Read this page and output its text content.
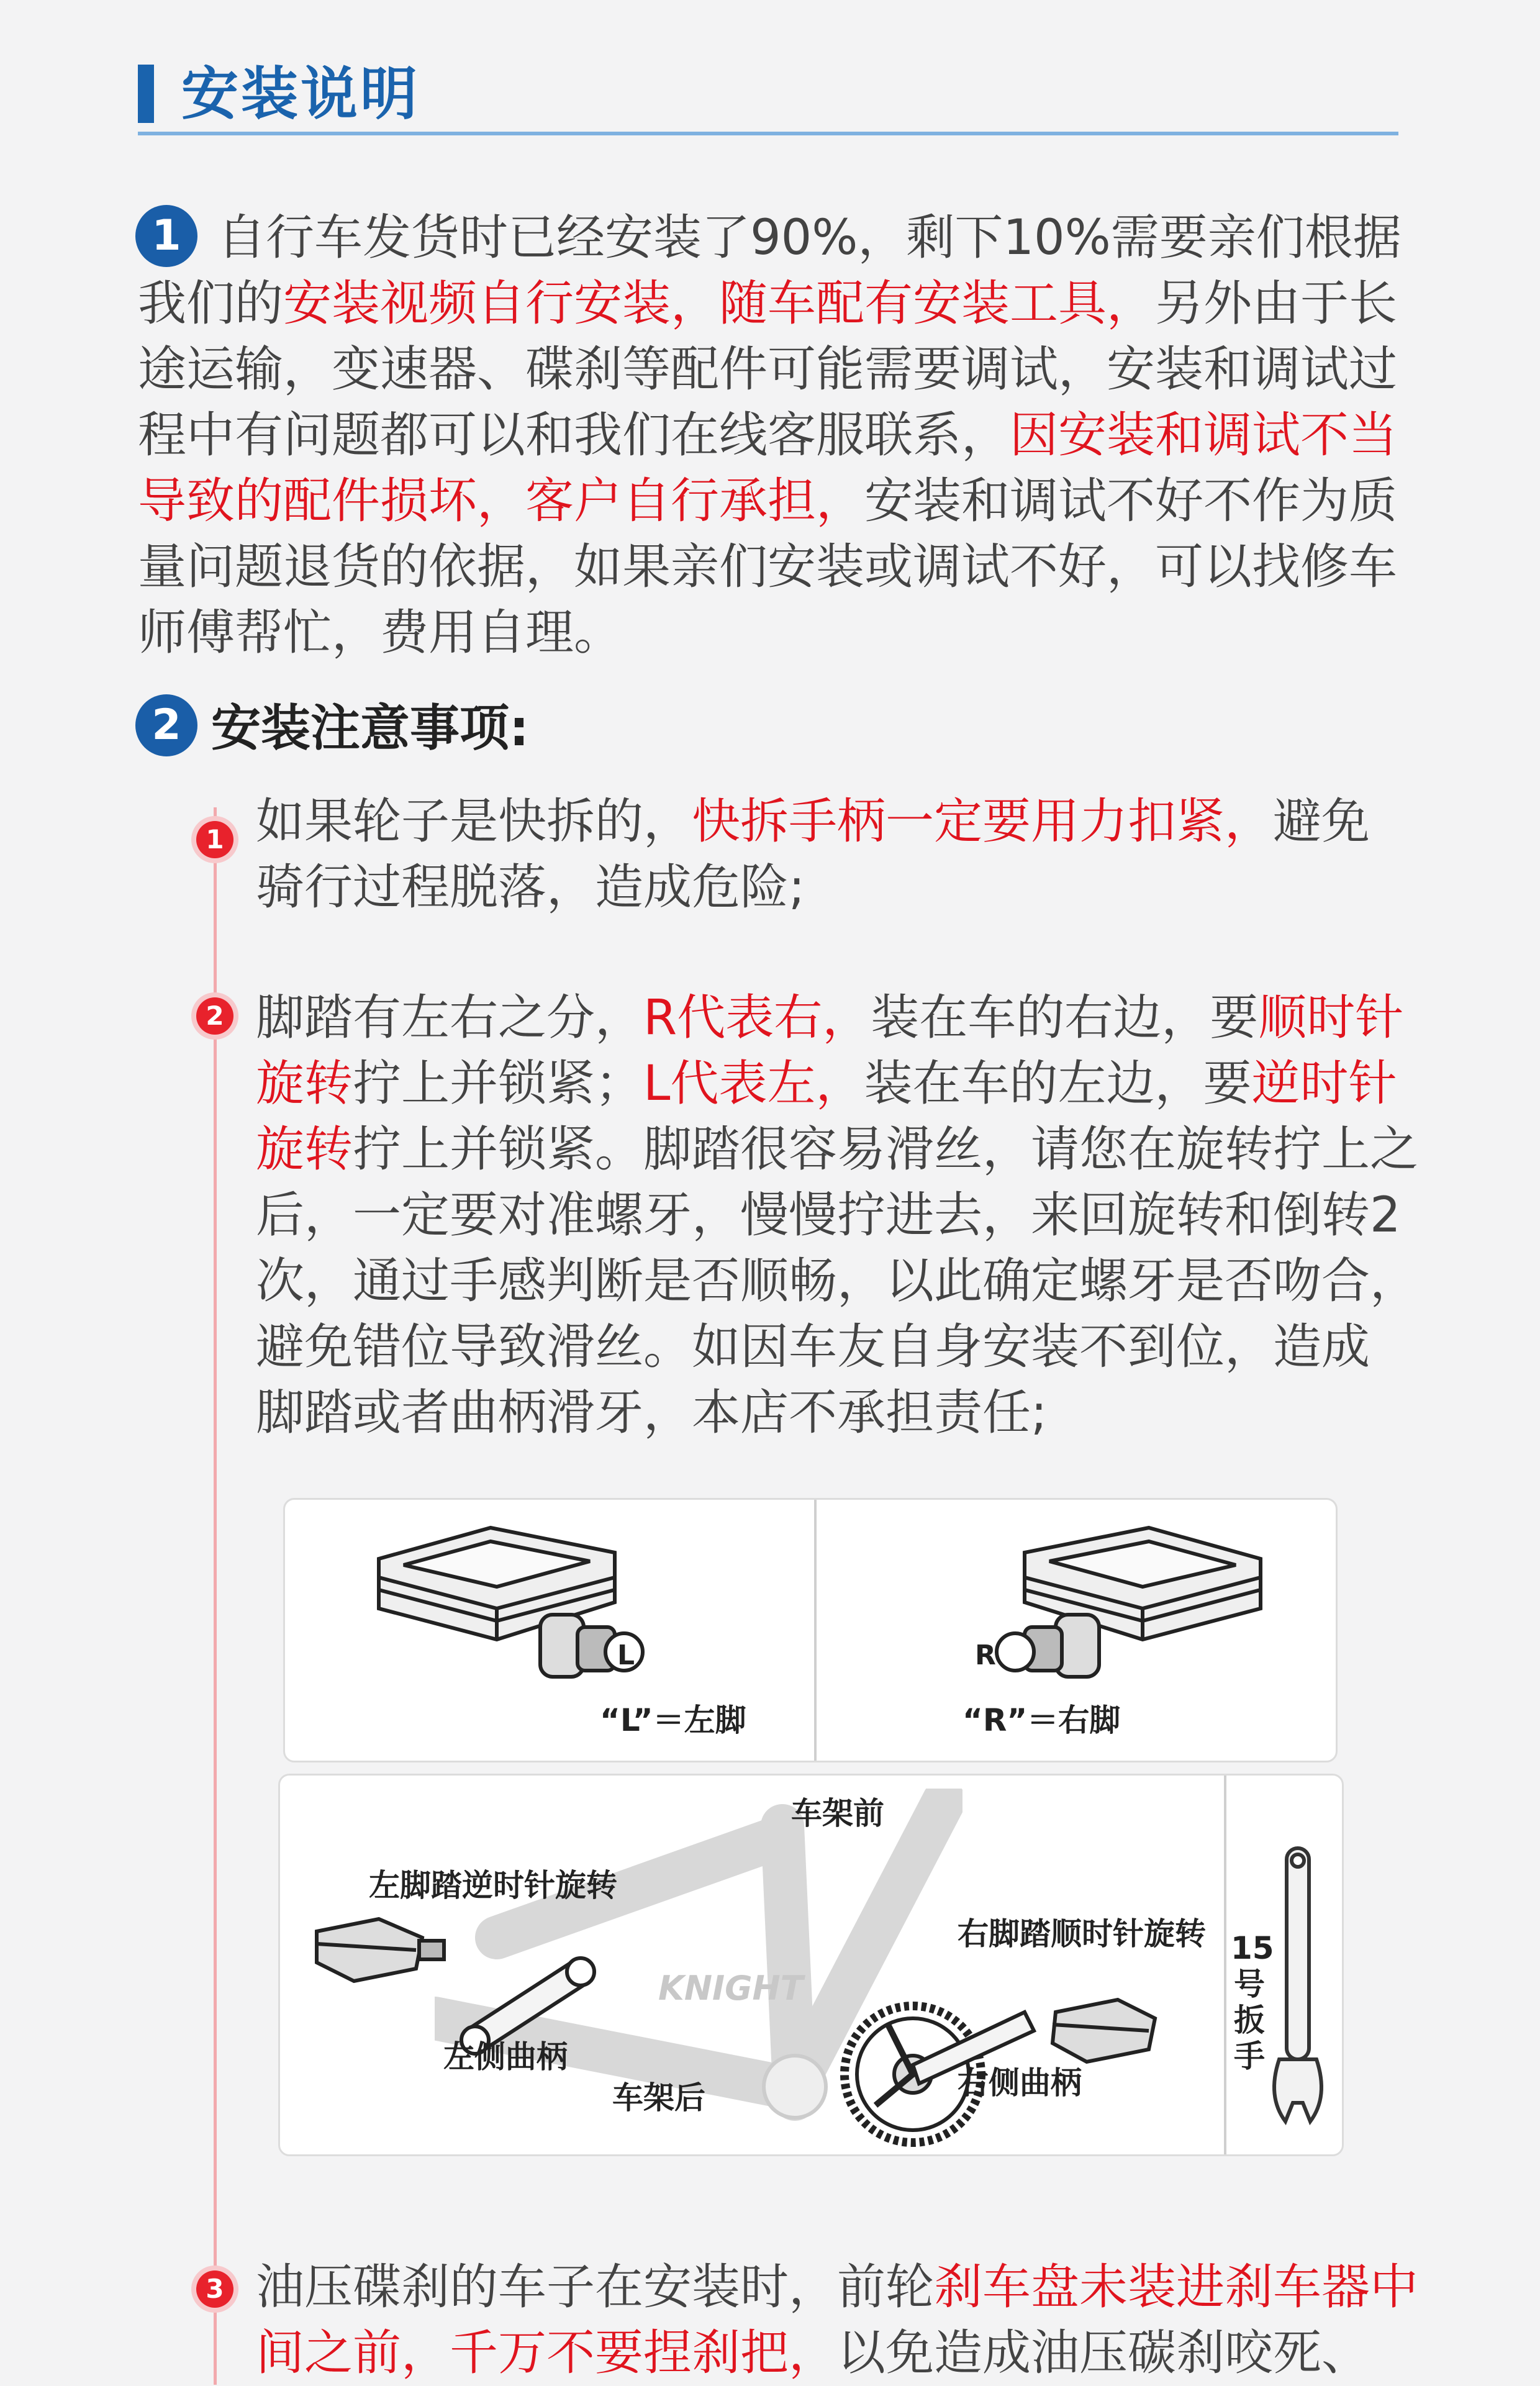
安装说明
1 自行车发货时已经安装了90%，剩下10%需要亲们根据
我们的安装视频自行安装，随车配有安装工具，另外由于长
途运输，变速器、碟刹等配件可能需要调试，安装和调试过
程中有问题都可以和我们在线客服联系，因安装和调试不当
导致的配件损坏，客户自行承担，安装和调试不好不作为质
量问题退货的依据，如果亲们安装或调试不好，可以找修车
师傅帮忙，费用自理。
2 安装注意事项:
1 如果轮子是快拆的，快拆手柄一定要用力扣紧，避免
骑行过程脱落，造成危险;
2 脚踏有左右之分，R代表右，装在车的右边，要顺时针
旋转拧上并锁紧；L代表左，装在车的左边，要逆时针
旋转拧上并锁紧。脚踏很容易滑丝，请您在旋转拧上之
后，一定要对准螺牙，慢慢拧进去，来回旋转和倒转2
次，通过手感判断是否顺畅，以此确定螺牙是否吻合，
避免错位导致滑丝。如因车友自身安装不到位，造成
脚踏或者曲柄滑牙，本店不承担责任;
L
“L”＝左脚
R
“R”＝右脚
KNIGHT
车架前
左脚踏逆时针旋转
右脚踏顺时针旋转
左侧曲柄
右侧曲柄
车架后
15号扳手
3 油压碟刹的车子在安装时，前轮刹车盘未装进刹车器中
间之前，千万不要捏刹把，以免造成油压碳刹咬死、
